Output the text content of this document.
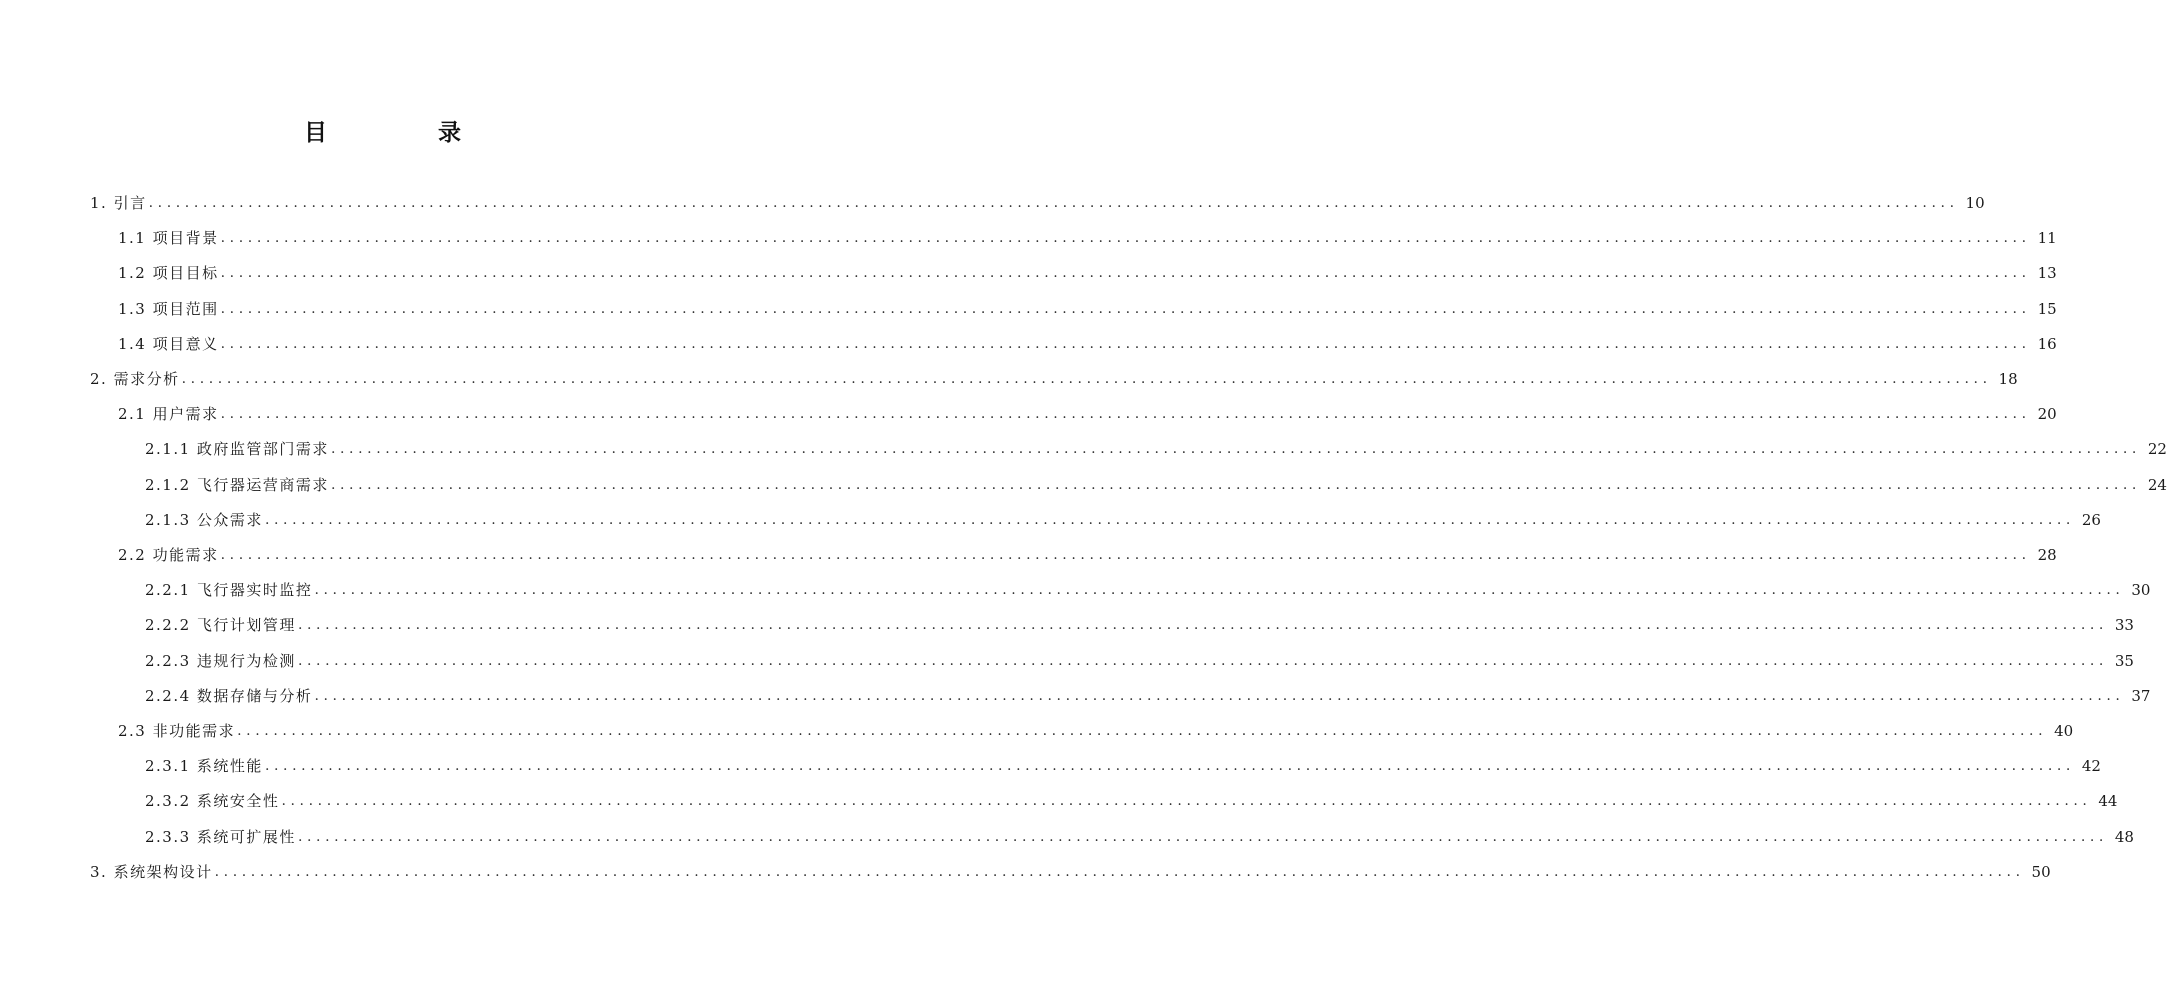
目　录
1. 引言 ........................................................................................................................................................................................................ 10
1.1 项目背景 ........................................................................................................................................................................................................ 11
1.2 项目目标 ........................................................................................................................................................................................................ 13
1.3 项目范围 ........................................................................................................................................................................................................ 15
1.4 项目意义 ........................................................................................................................................................................................................ 16
2. 需求分析 ........................................................................................................................................................................................................ 18
2.1 用户需求 ........................................................................................................................................................................................................ 20
2.1.1 政府监管部门需求 ........................................................................................................................................................................................................ 22
2.1.2 飞行器运营商需求 ........................................................................................................................................................................................................ 24
2.1.3 公众需求 ........................................................................................................................................................................................................ 26
2.2 功能需求 ........................................................................................................................................................................................................ 28
2.2.1 飞行器实时监控 ........................................................................................................................................................................................................ 30
2.2.2 飞行计划管理 ........................................................................................................................................................................................................ 33
2.2.3 违规行为检测 ........................................................................................................................................................................................................ 35
2.2.4 数据存储与分析 ........................................................................................................................................................................................................ 37
2.3 非功能需求 ........................................................................................................................................................................................................ 40
2.3.1 系统性能 ........................................................................................................................................................................................................ 42
2.3.2 系统安全性 ........................................................................................................................................................................................................ 44
2.3.3 系统可扩展性 ........................................................................................................................................................................................................ 48
3. 系统架构设计 ........................................................................................................................................................................................................ 50
